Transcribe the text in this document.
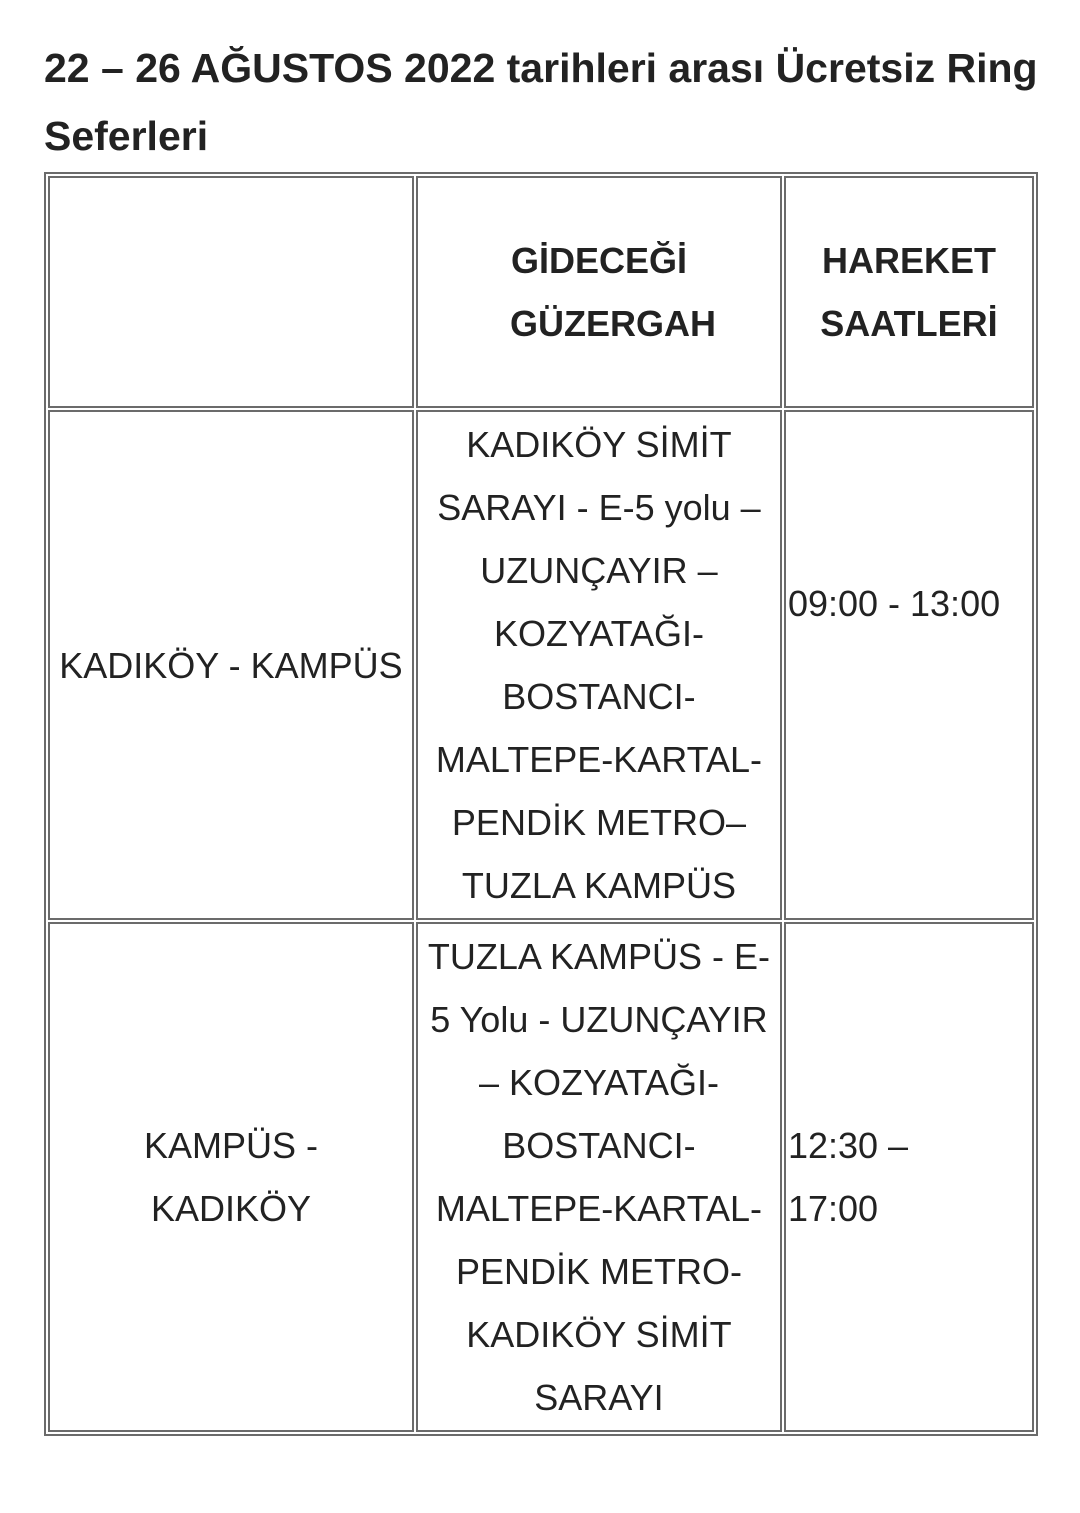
22 – 26 AĞUSTOS 2022 tarihleri arası Ücretsiz Ring Seferleri

	GİDECEĞİ GÜZERGAH	HAREKET SAATLERİ

KADIKÖY - KAMPÜS	KADIKÖY SİMİT SARAYI - E-5 yolu – UZUNÇAYIR – KOZYATAĞI- BOSTANCI- MALTEPE-KARTAL- PENDİK METRO– TUZLA KAMPÜS	09:00 - 13:00

KAMPÜS - KADIKÖY	TUZLA KAMPÜS - E-5 Yolu - UZUNÇAYIR – KOZYATAĞI- BOSTANCI- MALTEPE-KARTAL- PENDİK METRO- KADIKÖY SİMİT SARAYI	12:30 – 17:00
